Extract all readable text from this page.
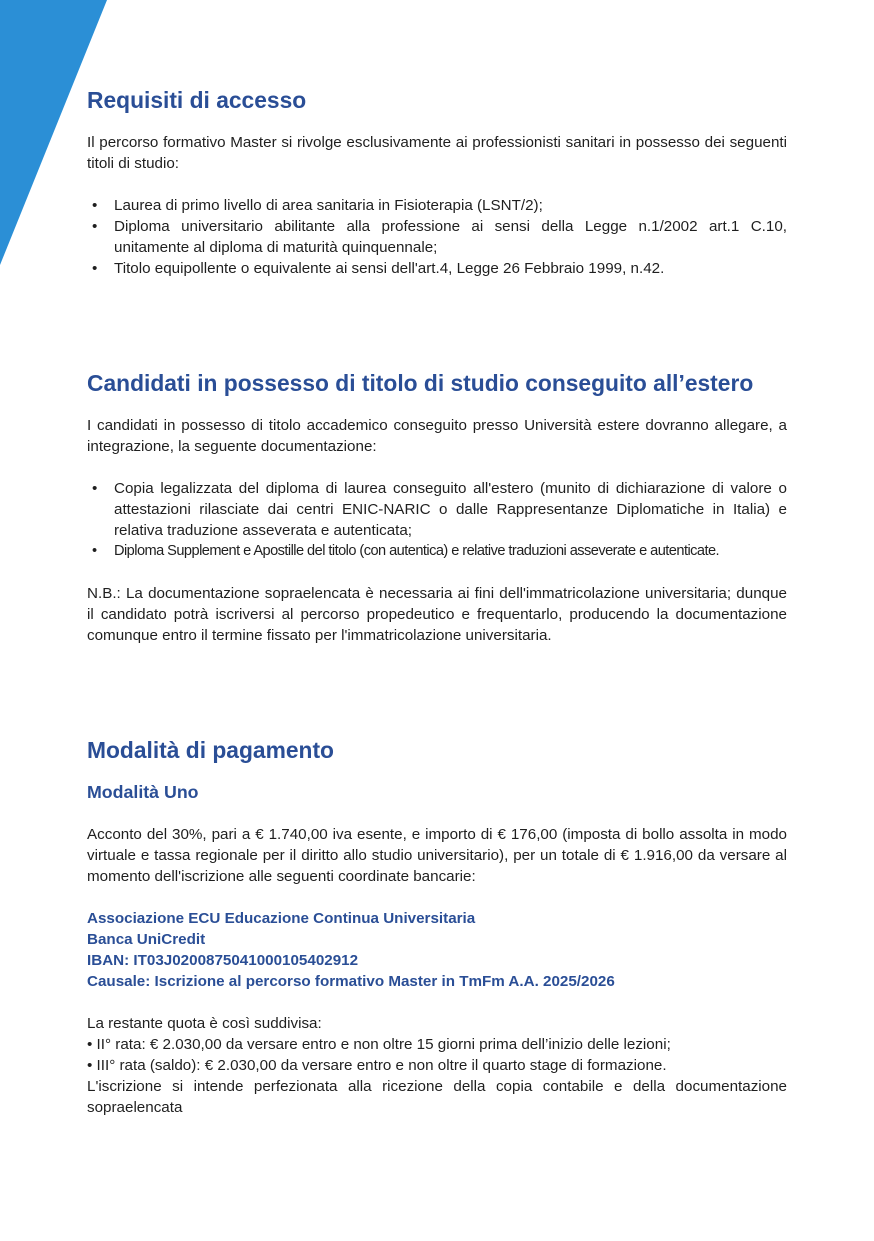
Requisiti di accesso

Il percorso formativo Master si rivolge esclusivamente ai professionisti sanitari in possesso dei seguenti titoli di studio:

• Laurea di primo livello di area sanitaria in Fisioterapia (LSNT/2);
• Diploma universitario abilitante alla professione ai sensi della Legge n.1/2002 art.1 C.10, unitamente al diploma di maturità quinquennale;
• Titolo equipollente o equivalente ai sensi dell'art.4, Legge 26 Febbraio 1999, n.42.
Candidati in possesso di titolo di studio conseguito all’estero

I candidati in possesso di titolo accademico conseguito presso Università estere dovranno allegare, a integrazione, la seguente documentazione:

• Copia legalizzata del diploma di laurea conseguito all'estero (munito di dichiarazione di valore o attestazioni rilasciate dai centri ENIC-NARIC o dalle Rappresentanze Diplomatiche in Italia) e relativa traduzione asseverata e autenticata;
• Diploma Supplement e Apostille del titolo (con autentica) e relative traduzioni asseverate e autenticate.

N.B.: La documentazione sopraelencata è necessaria ai fini dell'immatricolazione universitaria; dunque il candidato potrà iscriversi al percorso propedeutico e frequentarlo, producendo la documentazione comunque entro il termine fissato per l'immatricolazione universitaria.

Modalità di pagamento
Modalità Uno

Acconto del 30%, pari a € 1.740,00 iva esente, e importo di € 176,00 (imposta di bollo assolta in modo virtuale e tassa regionale per il diritto allo studio universitario), per un totale di € 1.916,00 da versare al momento dell'iscrizione alle seguenti coordinate bancarie:

Associazione ECU Educazione Continua Universitaria
Banca UniCredit
IBAN: IT03J0200875041000105402912
Causale: Iscrizione al percorso formativo Master in TmFm A.A. 2025/2026
La restante quota è così suddivisa:
• II° rata: € 2.030,00 da versare entro e non oltre 15 giorni prima dell’inizio delle lezioni;
• III° rata (saldo): € 2.030,00 da versare entro e non oltre il quarto stage di formazione.

L'iscrizione si intende perfezionata alla ricezione della copia contabile e della documentazione sopraelencata
